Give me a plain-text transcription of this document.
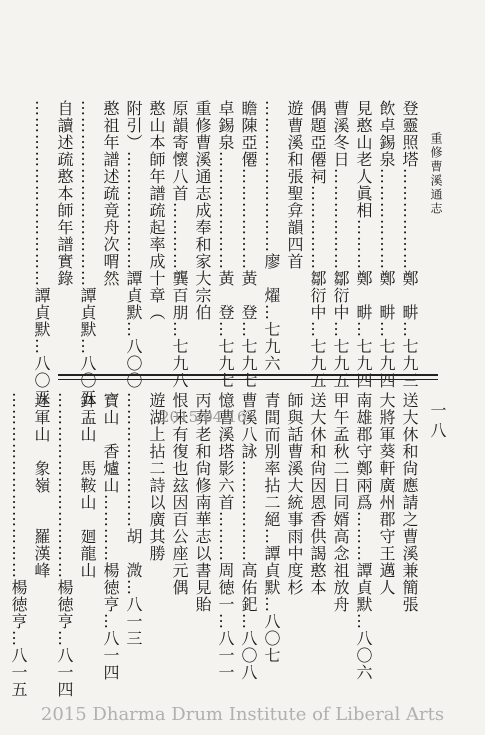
重修曹溪通志
登靈照塔………………鄭　畊…七九三
飲卓錫泉………………鄭　畊…七九四
見憨山老人眞相………鄭　畊…七九四
曹溪冬日………………鄒衍中…七九五
偶題亞僊祠……………鄒衍中…七九五
遊曹溪和張聖弇韻四首
………………………廖　燿…七九六
瞻陳亞僊………………黃　登…七九七
卓錫泉…………………黃　登…七九七
重修曹溪通志成奉和家大宗伯
原韻寄懷八首…………龔百朋…七九八
憨山本師年譜疏起率成十章（
附引）…………………譚貞默…八〇〇
憨祖年譜述疏竟舟次喟然
……………………………譚貞默…八〇五
自讀述疏憨本師年譜實錄
……………………………譚貞默…八〇五
一八
送大休和尙應請之曹溪兼簡張
大將軍葵軒廣州郡守王邁人
南雄郡守鄭兩爲………譚貞默…八〇六
甲午孟秋二日同婿高念祖放舟
送大休和尙因恩香供謁憨本
師與話曹溪大統事雨中度杉
青間而別率拈二絕…譚貞默…八〇七
曹溪八詠………………高佑釲…八〇八
憶曹溪塔影六首………周徳一…八一一
丙葬老和尙修南華志以書見貽
恨未有復也玆因百公座元偶
遊湖上拈二詩以廣其勝
……………………胡　溦…八一三
寶山　香爐山…………楊徳亨…八一四
鉢盂山　馬鞍山　廻龍山
……………………………楊徳亨…八一四
迷軍山　象嶺　　羅漢峰
……………………………楊徳亨…八一五	2015-04-16
2015 Dharma Drum Institute of Liberal Arts
